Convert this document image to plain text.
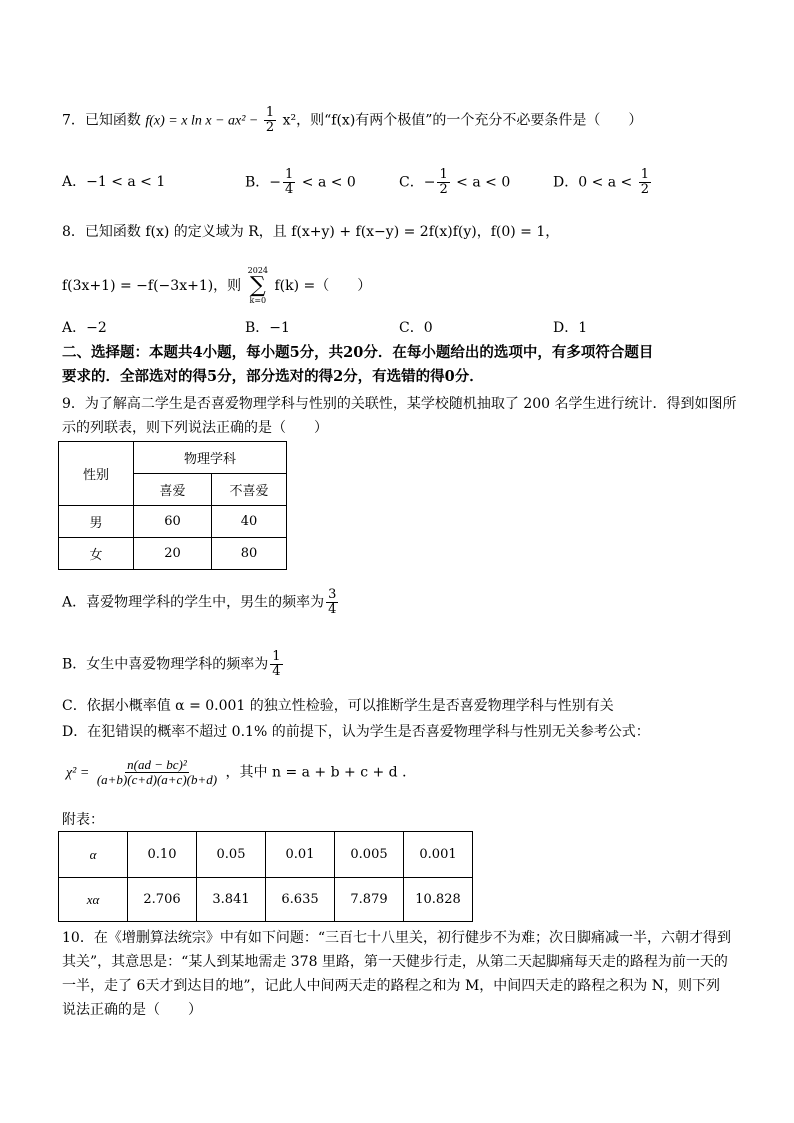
7．已知函数 f(x) = x $\ln x - ax^2 - \frac{1}{2} x^2$，则“f(x)有两个极值”的一个充分不必要条件是（　　）
A．−1 < a < 1	B．− $\frac{1}{4} < a < 0$	C．− $\frac{1}{2} < a < 0$	D．$0 < a < \frac{1}{2}$
8．已知函数 f(x) 的定义域为 R，且 f(x+y) + f(x−y) = 2f(x)f(y)，f(0) = 1，
f(3x+1) = −f(−3x+1)，则
2024
∑
k=0
f(k) =（　　）
A．−2	B．−1	C．0	D．1
二、选择题：本题共4小题，每小题5分，共20分．在每小题给出的选项中，有多项符合题目
要求的．全部选对的得5分，部分选对的得2分，有选错的得0分．
9．为了解高二学生是否喜爱物理学科与性别的关联性，某学校随机抽取了 200 名学生进行统计．得到如图所
示的列联表，则下列说法正确的是（　　）
性别	物理学科	
	喜爱	不喜爱
男	60	40
女	20	80
A．喜爱物理学科的学生中，男生的频率为 $\frac{3}{4}$
B．女生中喜爱物理学科的频率为 $\frac{1}{4}$
C．依据小概率值 α = 0.001 的独立性检验，可以推断学生是否喜爱物理学科与性别有关
D．在犯错误的概率不超过 0.1% 的前提下，认为学生是否喜爱物理学科与性别无关参考公式：
$\chi^2 = \frac{\text{n(ad − bc)²}}{(a+b)(c+d)(a+c)(b+d)}$ ，其中 n = a + b + c + d ．
附表：
α	0.10	0.05	0.01	0.005	0.001
xα	2.706	3.841	6.635	7.879	10.828
10．在《增删算法统宗》中有如下问题：“三百七十八里关，初行健步不为难；次日脚痛减一半，六朝才得到
其关”，其意思是：“某人到某地需走 378 里路，第一天健步行走，从第二天起脚痛每天走的路程为前一天的
一半，走了 6天才到达目的地”，记此人中间两天走的路程之和为 M，中间四天走的路程之积为 N，则下列
说法正确的是（　　）
